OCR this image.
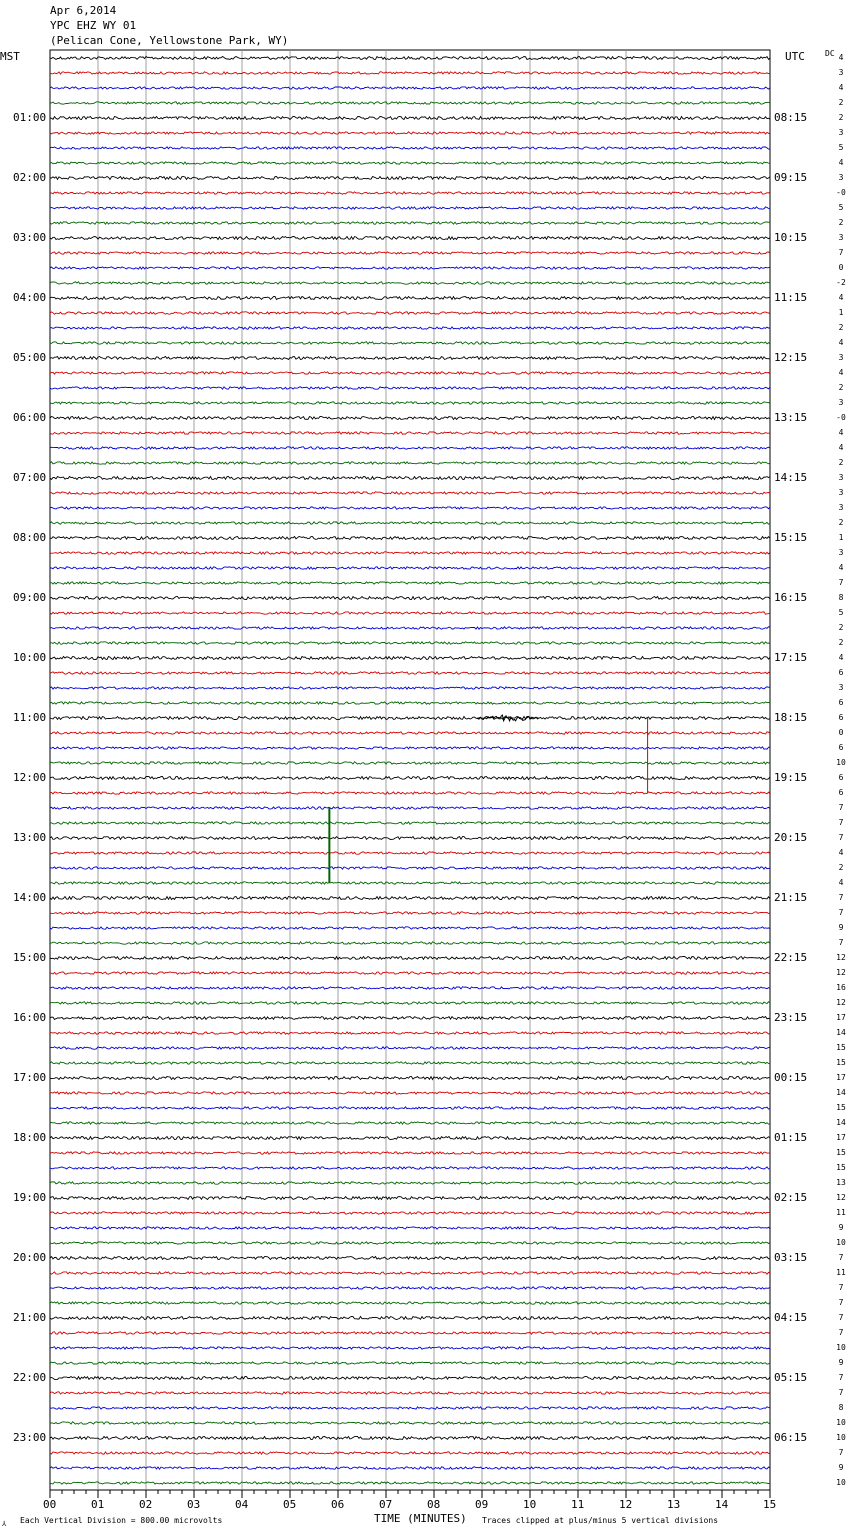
Apr 6,2014
YPC EHZ WY 01
(Pelican Cone, Yellowstone Park, WY)
MST	UTC	DC
01:00
02:00
03:00
04:00
05:00
06:00
07:00
08:00
09:00
10:00
11:00
12:00
13:00
14:00
15:00
16:00
17:00
18:00
19:00
20:00
21:00
22:00
23:00
08:15
09:15
10:15
11:15
12:15
13:15
14:15
15:15
16:15
17:15
18:15
19:15
20:15
21:15
22:15
23:15
00:15
01:15
02:15
03:15
04:15
05:15
06:15
4
3
4
2
2
3
5
4
3
-0
5
2
3
7
0
-2
4
1
2
4
3
4
2
3
-0
4
4
2
3
3
3
2
1
3
4
7
8
5
2
2
4
6
3
6
6
0
6
10
6
6
7
7
7
4
2
4
7
7
9
7
12
12
16
12
17
14
15
15
17
14
15
14
17
15
15
13
12
11
9
10
7
11
7
7
7
7
10
9
7
7
8
10
10
7
9
10
00	01	02	03	04	05	06	07	08	09	10	11	12	13	14	15
⅄ Each Vertical Division = 800.00 microvolts	TIME (MINUTES) Traces clipped at plus/minus 5 vertical divisions
